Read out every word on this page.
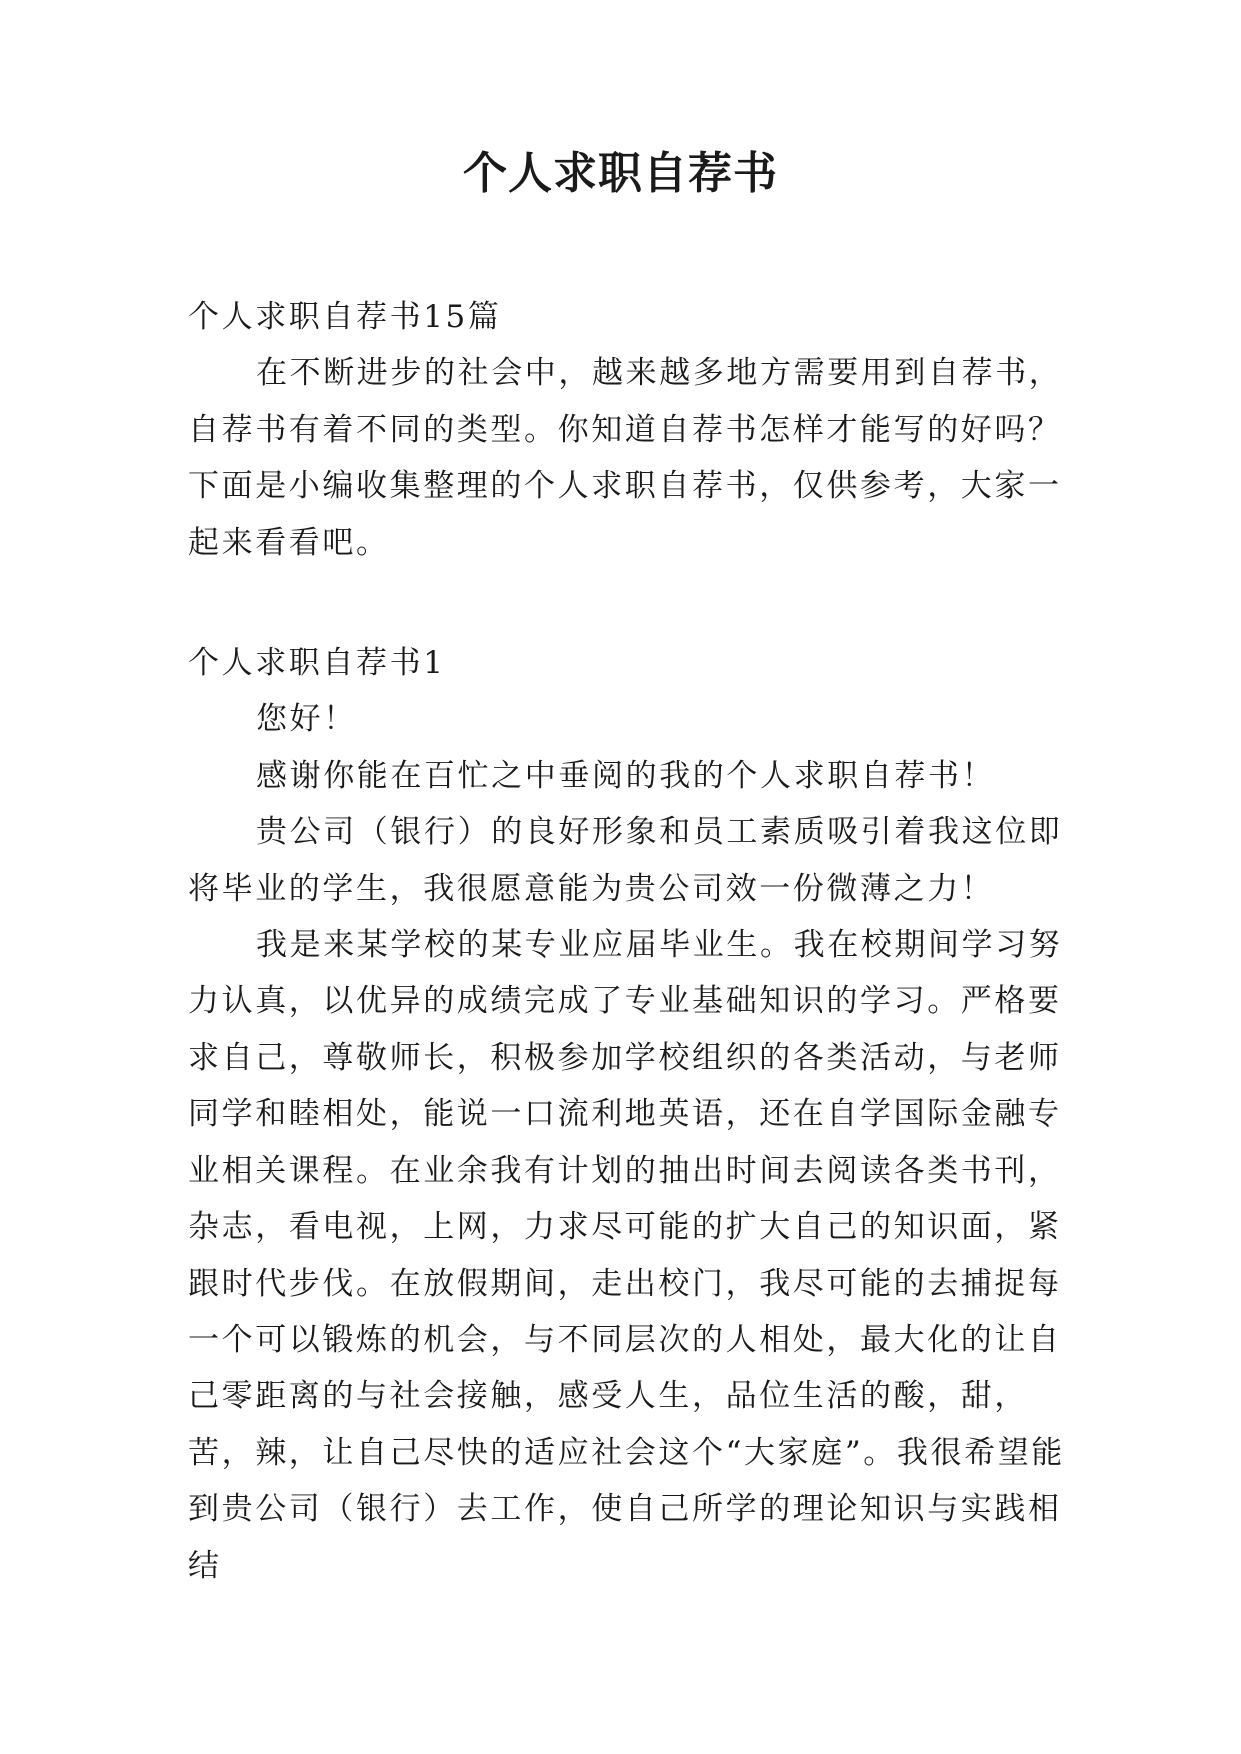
个人求职自荐书

个人求职自荐书15篇

在不断进步的社会中，越来越多地方需要用到自荐书，自荐书有着不同的类型。你知道自荐书怎样才能写的好吗？下面是小编收集整理的个人求职自荐书，仅供参考，大家一起来看看吧。

个人求职自荐书1

您好！

感谢你能在百忙之中垂阅的我的个人求职自荐书！

贵公司（银行）的良好形象和员工素质吸引着我这位即将毕业的学生，我很愿意能为贵公司效一份微薄之力！

我是来某学校的某专业应届毕业生。我在校期间学习努力认真，以优异的成绩完成了专业基础知识的学习。严格要求自己，尊敬师长，积极参加学校组织的各类活动，与老师同学和睦相处，能说一口流利地英语，还在自学国际金融专业相关课程。在业余我有计划的抽出时间去阅读各类书刊，杂志，看电视，上网，力求尽可能的扩大自己的知识面，紧跟时代步伐。在放假期间，走出校门，我尽可能的去捕捉每一个可以锻炼的机会，与不同层次的人相处，最大化的让自己零距离的与社会接触，感受人生，品位生活的酸，甜，苦，辣，让自己尽快的适应社会这个“大家庭”。我很希望能到贵公司（银行）去工作，使自己所学的理论知识与实践相结
